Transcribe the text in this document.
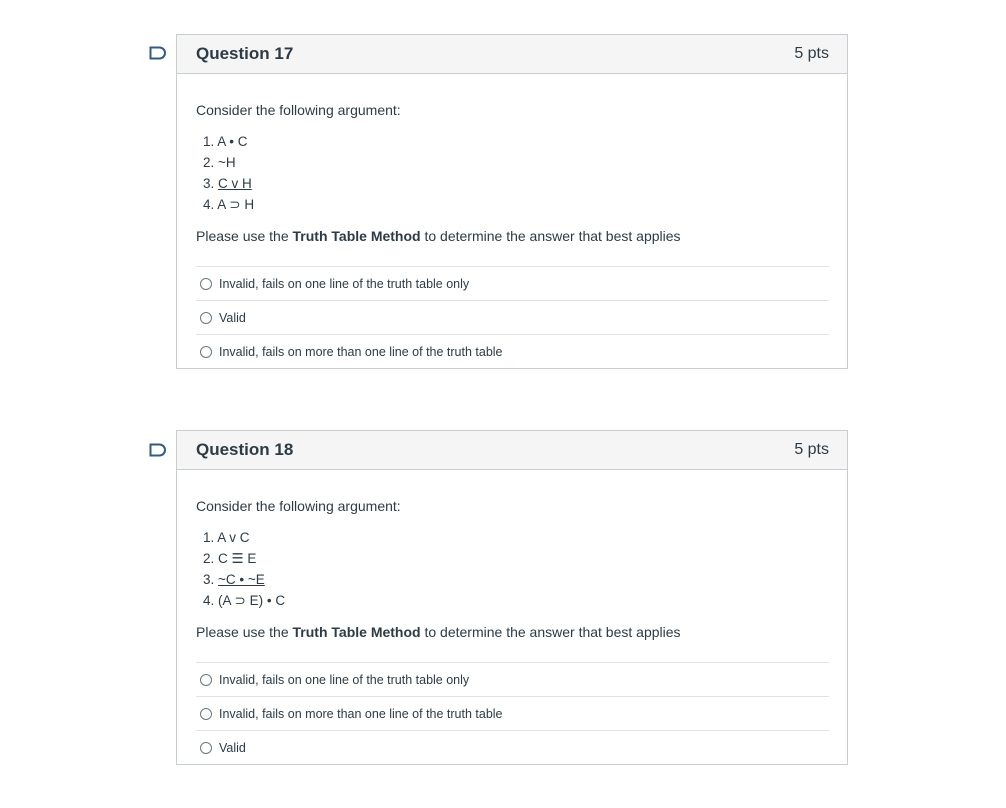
Question 17	5 pts

Consider the following argument:

1. A • C
2. ~H
3. C v H
4. A ⊃ H

Please use the Truth Table Method to determine the answer that best applies

Invalid, fails on one line of the truth table only
Valid
Invalid, fails on more than one line of the truth table
Question 18	5 pts

Consider the following argument:

1. A v C
2. C ☰ E
3. ~C • ~E
4. (A ⊃ E) • C

Please use the Truth Table Method to determine the answer that best applies

Invalid, fails on one line of the truth table only
Invalid, fails on more than one line of the truth table
Valid
